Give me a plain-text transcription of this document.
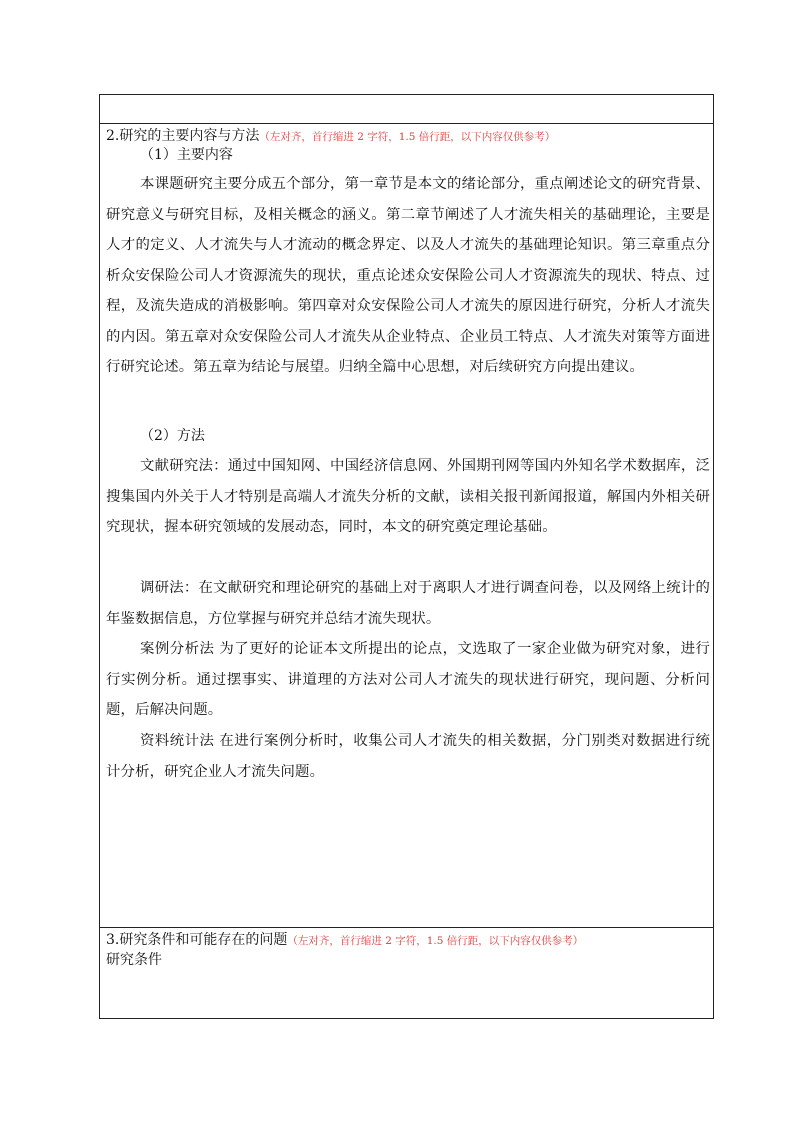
2.研究的主要内容与方法（左对齐，首行缩进 2 字符，1.5 倍行距，以下内容仅供参考）
（1）主要内容

本课题研究主要分成五个部分，第一章节是本文的绪论部分，重点阐述论文的研究背景、研究意义与研究目标，及相关概念的涵义。第二章节阐述了人才流失相关的基础理论，主要是人才的定义、人才流失与人才流动的概念界定、以及人才流失的基础理论知识。第三章重点分析众安保险公司人才资源流失的现状，重点论述众安保险公司人才资源流失的现状、特点、过程，及流失造成的消极影响。第四章对众安保险公司人才流失的原因进行研究，分析人才流失的内因。第五章对众安保险公司人才流失从企业特点、企业员工特点、人才流失对策等方面进行研究论述。第五章为结论与展望。归纳全篇中心思想，对后续研究方向提出建议。

（2）方法

文献研究法：通过中国知网、中国经济信息网、外国期刊网等国内外知名学术数据库，泛搜集国内外关于人才特别是高端人才流失分析的文献，读相关报刊新闻报道，解国内外相关研究现状，握本研究领域的发展动态，同时，本文的研究奠定理论基础。

调研法：在文献研究和理论研究的基础上对于离职人才进行调查问卷，以及网络上统计的年鉴数据信息，方位掌握与研究并总结才流失现状。

案例分析法 为了更好的论证本文所提出的论点，文选取了一家企业做为研究对象，进行行实例分析。通过摆事实、讲道理的方法对公司人才流失的现状进行研究，现问题、分析问题，后解决问题。

资料统计法 在进行案例分析时，收集公司人才流失的相关数据，分门别类对数据进行统计分析，研究企业人才流失问题。

3.研究条件和可能存在的问题（左对齐，首行缩进 2 字符，1.5 倍行距，以下内容仅供参考）
研究条件
